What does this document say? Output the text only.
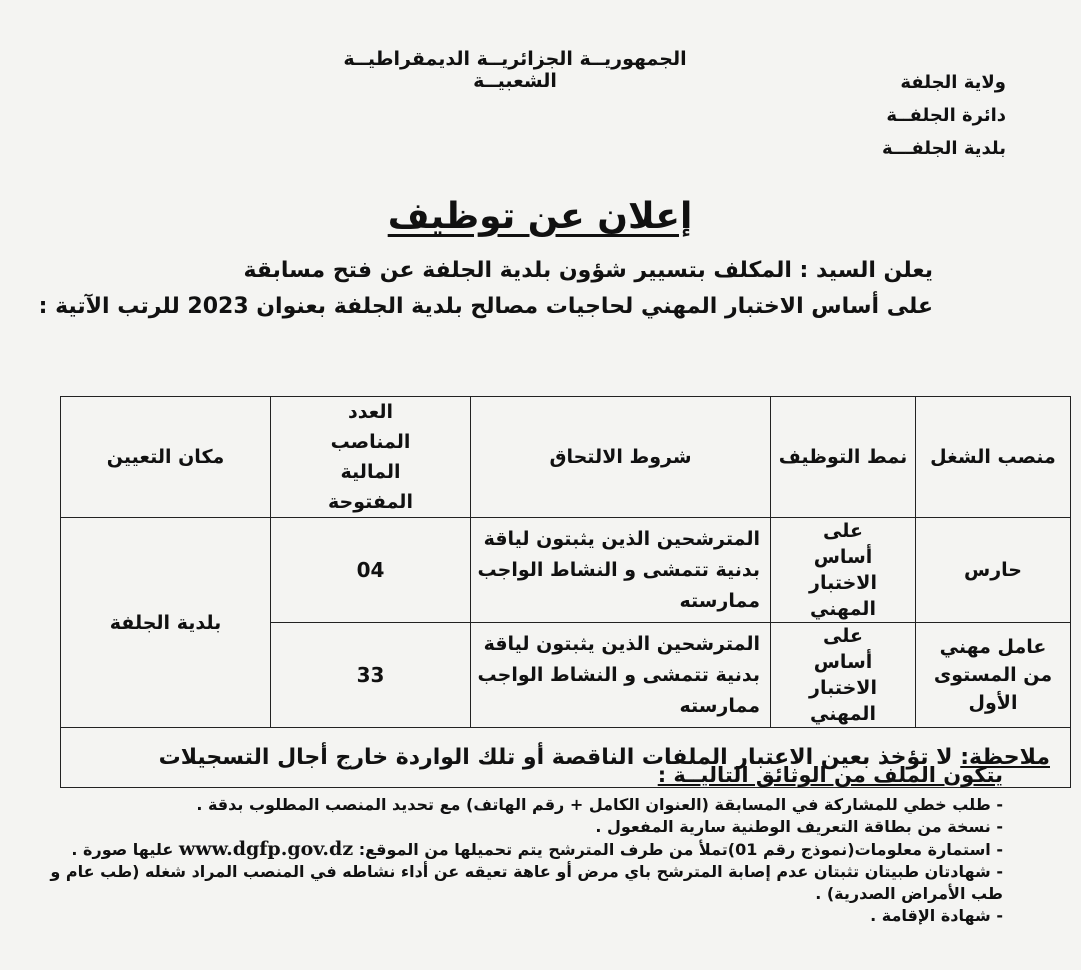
الجمهوريــة الجزائريــة الديمقراطيــة الشعبيــة	ولاية الجلفة
دائرة الجلفــة
بلدية الجلفـــة
إعلان عن توظيف
يعلن السيد : المكلف بتسيير شؤون بلدية الجلفة عن فتح مسابقة
على أساس الاختبار المهني لحاجيات مصالح بلدية الجلفة بعنوان 2023 للرتب الآتية :
منصب الشغل	نمط التوظيف	شروط الالتحاق	العدد المناصب المالية المفتوحة	مكان التعيين
حارس	على أساس الاختبار المهني	المترشحين الذين يثبتون لياقة بدنية تتمشى و النشاط الواجب ممارسته	04	بلدية الجلفة
عامل مهني من المستوى الأول	على أساس الاختبار المهني	المترشحين الذين يثبتون لياقة بدنية تتمشى و النشاط الواجب ممارسته	33	
ملاحظة: لا تؤخذ بعين الاعتبار الملفات الناقصة أو تلك الواردة خارج أجال التسجيلات				
يتكون الملف من الوثائق التاليــة :
- طلب خطي للمشاركة في المسابقة (العنوان الكامل + رقم الهاتف) مع تحديد المنصب المطلوب بدقة .
- نسخة من بطاقة التعريف الوطنية سارية المفعول .
- استمارة معلومات(نموذج رقم 01)تملأ من طرف المترشح يتم تحميلها من الموقع: www.dgfp.gov.dz عليها صورة .
- شهادتان طبيتان تثبتان عدم إصابة المترشح باي مرض أو عاهة تعيقه عن أداء نشاطه في المنصب المراد شغله (طب عام و طب الأمراض الصدرية) .
- شهادة الإقامة .
